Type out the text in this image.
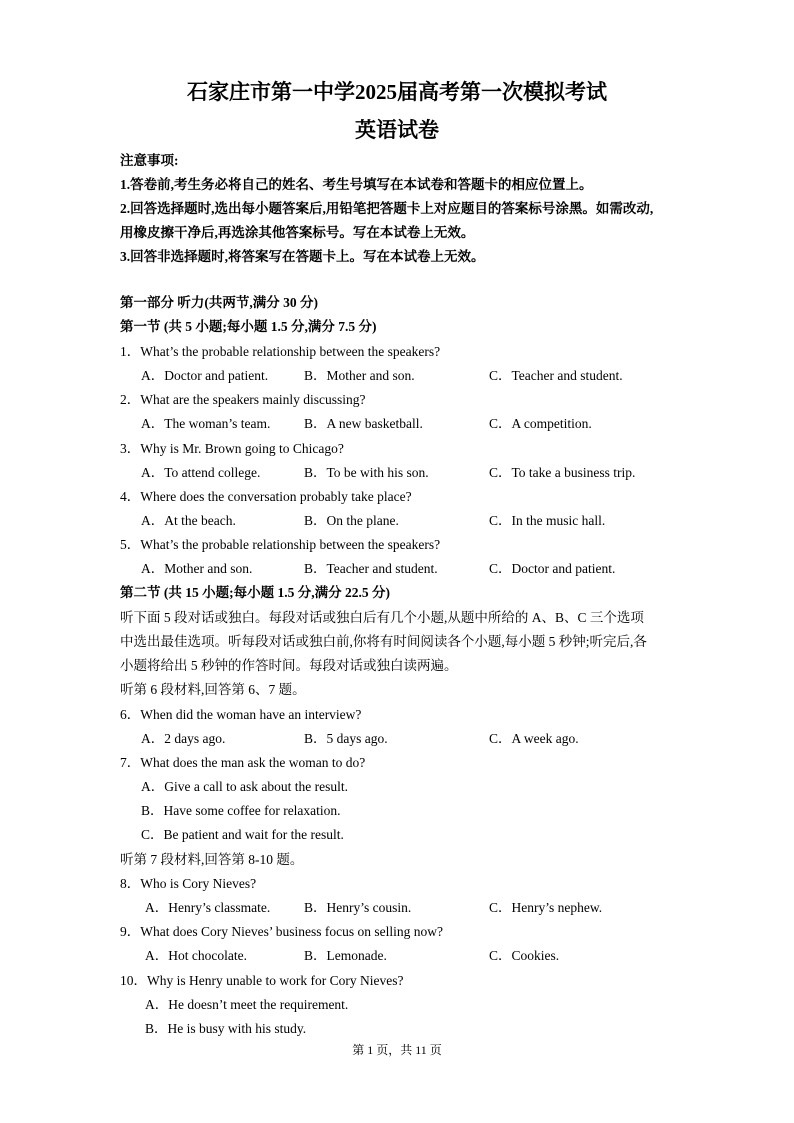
石家庄市第一中学2025届高考第一次模拟考试
英语试卷
注意事项:
1.答卷前,考生务必将自己的姓名、考生号填写在本试卷和答题卡的相应位置上。
2.回答选择题时,选出每小题答案后,用铅笔把答题卡上对应题目的答案标号涂黑。如需改动,
用橡皮擦干净后,再选涂其他答案标号。写在本试卷上无效。
3.回答非选择题时,将答案写在答题卡上。写在本试卷上无效。
第一部分 听力(共两节,满分 30 分)
第一节 (共 5 小题;每小题 1.5 分,满分 7.5 分)
1．What’s the probable relationship between the speakers?
A．Doctor and patient.	B．Mother and son.	C．Teacher and student.
2．What are the speakers mainly discussing?
A．The woman’s team. B．A new basketball.	C．A competition.
3．Why is Mr. Brown going to Chicago?
A．To attend college.	B．To be with his son.	C．To take a business trip.
4．Where does the conversation probably take place?
A．At the beach.	B．On the plane.	C．In the music hall.
5．What’s the probable relationship between the speakers?
A．Mother and son.	B．Teacher and student.	C．Doctor and patient.
第二节 (共 15 小题;每小题 1.5 分,满分 22.5 分)
听下面 5 段对话或独白。每段对话或独白后有几个小题,从题中所给的 A、B、C 三个选项
中选出最佳选项。听每段对话或独白前,你将有时间阅读各个小题,每小题 5 秒钟;听完后,各
小题将给出 5 秒钟的作答时间。每段对话或独白读两遍。
听第 6 段材料,回答第 6、7 题。
6．When did the woman have an interview?
A．2 days ago.	B．5 days ago.	C．A week ago.
7．What does the man ask the woman to do?
A．Give a call to ask about the result.
B．Have some coffee for relaxation.
C．Be patient and wait for the result.
听第 7 段材料,回答第 8-10 题。
8．Who is Cory Nieves?
A．Henry’s classmate.	B．Henry’s cousin.	C．Henry’s nephew.
9．What does Cory Nieves’ business focus on selling now?
A．Hot chocolate.	B．Lemonade.	C．Cookies.
10．Why is Henry unable to work for Cory Nieves?
A．He doesn’t meet the requirement.
B．He is busy with his study.
第 1 页，共 11 页
